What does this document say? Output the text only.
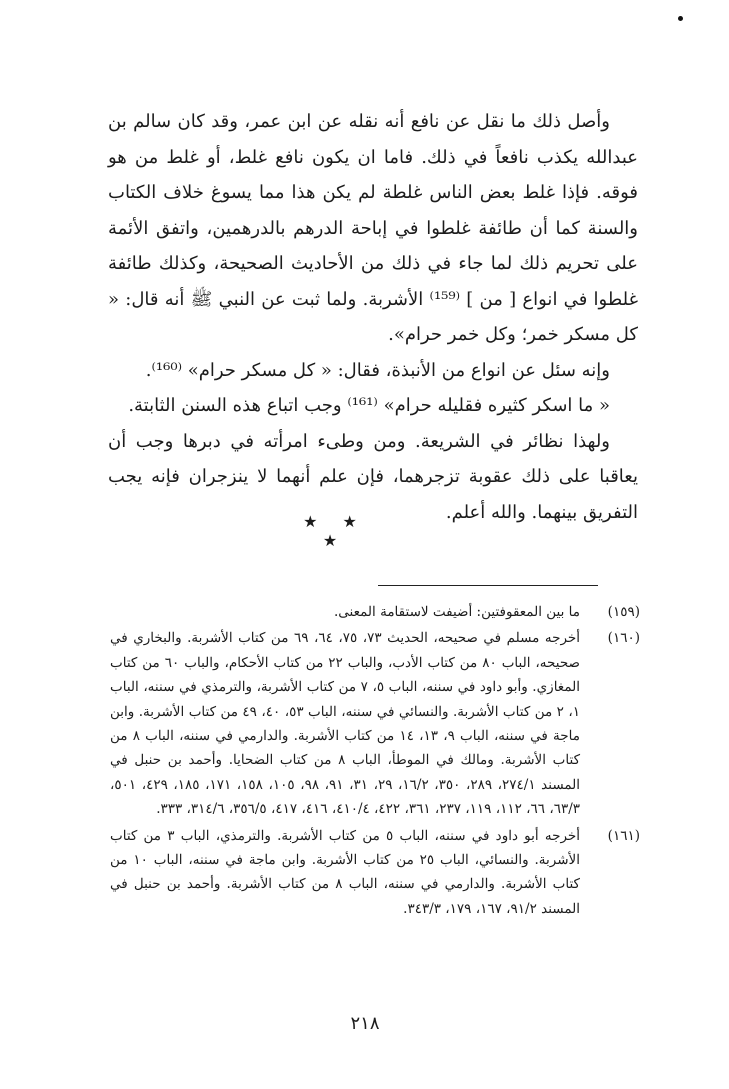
وأصل ذلك ما نقل عن نافع أنه نقله عن ابن عمر، وقد كان سالم بن عبدالله يكذب نافعاً في ذلك. فاما ان يكون نافع غلط، أو غلط من هو فوقه. فإذا غلط بعض الناس غلطة لم يكن هذا مما يسوغ خلاف الكتاب والسنة كما أن طائفة غلطوا في إباحة الدرهم بالدرهمين، واتفق الأئمة على تحريم ذلك لما جاء في ذلك من الأحاديث الصحيحة، وكذلك طائفة غلطوا في انواع [ من ] ⁽¹⁵⁹⁾ الأشربة. ولما ثبت عن النبي ﷺ أنه قال: « كل مسكر خمر؛ وكل خمر حرام».

وإنه سئل عن انواع من الأنبذة، فقال: « كل مسكر حرام» ⁽¹⁶⁰⁾.

« ما اسكر كثيره فقليله حرام» ⁽¹⁶¹⁾ وجب اتباع هذه السنن الثابتة.

ولهذا نظائر في الشريعة. ومن وطىء امرأته في دبرها وجب أن يعاقبا على ذلك عقوبة تزجرهما، فإن علم أنهما لا ينزجران فإنه يجب التفريق بينهما. والله أعلم.

★ ★ ★
(١٥٩)
ما بين المعقوفتين: أضيفت لاستقامة المعنى.
(١٦٠)
أخرجه مسلم في صحيحه، الحديث ٧٣، ٧٥، ٦٤، ٦٩ من كتاب الأشربة. والبخاري في صحيحه، الباب ٨٠ من كتاب الأدب، والباب ٢٢ من كتاب الأحكام، والباب ٦٠ من كتاب المغازي. وأبو داود في سننه، الباب ٥، ٧ من كتاب الأشربة، والترمذي في سننه، الباب ١، ٢ من كتاب الأشربة. والنسائي في سننه، الباب ٥٣، ٤٠، ٤٩ من كتاب الأشربة. وابن ماجة في سننه، الباب ٩، ١٣، ١٤ من كتاب الأشربة. والدارمي في سننه، الباب ٨ من كتاب الأشربة. ومالك في الموطأ، الباب ٨ من كتاب الضحايا. وأحمد بن حنبل في المسند ٢٧٤/١، ٢٨٩، ٣٥٠، ١٦/٢، ٢٩، ٣١، ٩١، ٩٨، ١٠٥، ١٥٨، ١٧١، ١٨٥، ٤٢٩، ٥٠١، ٦٣/٣، ٦٦، ١١٢، ١١٩، ٢٣٧، ٣٦١، ٤٢٢، ٤١٠/٤، ٤١٦، ٤١٧، ٣٥٦/٥، ٣١٤/٦، ٣٣٣.
(١٦١)
أخرجه أبو داود في سننه، الباب ٥ من كتاب الأشربة. والترمذي، الباب ٣ من كتاب الأشربة. والنسائي، الباب ٢٥ من كتاب الأشربة. وابن ماجة في سننه، الباب ١٠ من كتاب الأشربة. والدارمي في سننه، الباب ٨ من كتاب الأشربة. وأحمد بن حنبل في المسند ٩١/٢، ١٦٧، ١٧٩، ٣٤٣/٣.
٢١٨
